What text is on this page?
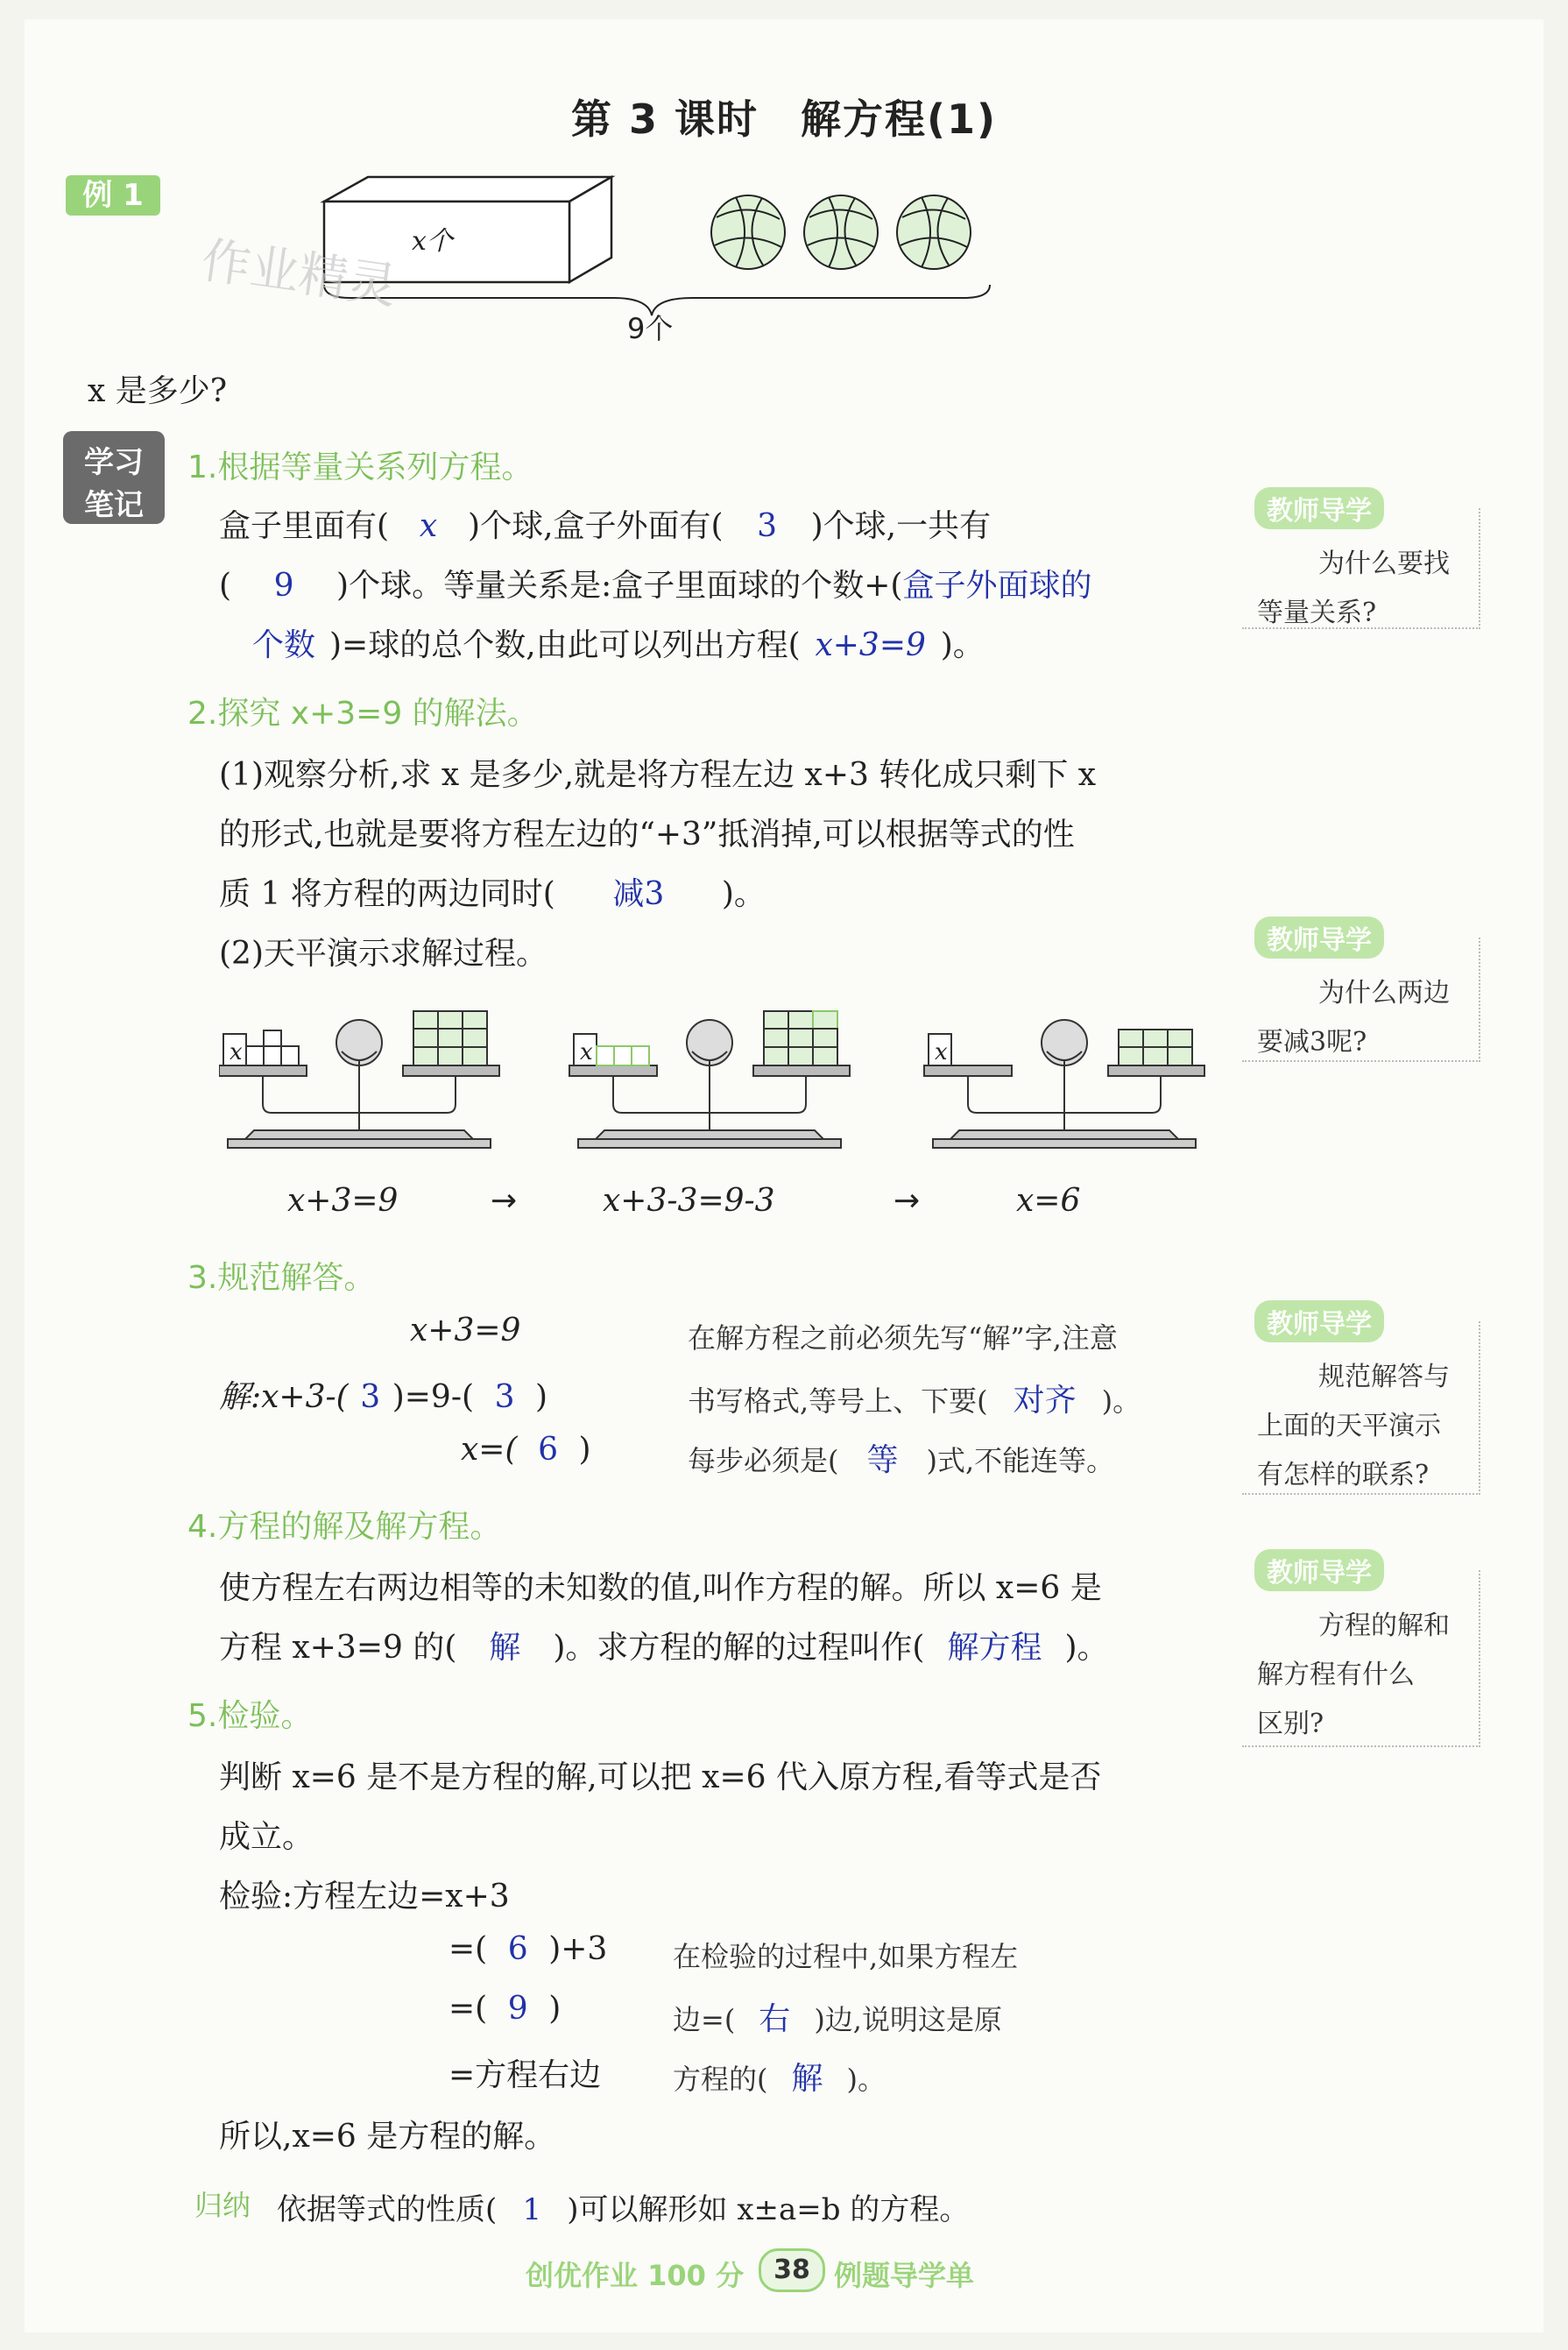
第 3 课时　解方程(1)
例 1
x个
9个
作业精灵
x 是多少?
学习
笔记
1.根据等量关系列方程。
盒子里面有( x )个球,盒子外面有( 3 )个球,一共有
( 9 )个球。等量关系是:盒子里面球的个数+(盒子外面球的
个数 )=球的总个数,由此可以列出方程( x+3=9 )。
2.探究 x+3=9 的解法。
(1)观察分析,求 x 是多少,就是将方程左边 x+3 转化成只剩下 x
的形式,也就是要将方程左边的“+3”抵消掉,可以根据等式的性
质 1 将方程的两边同时( 减3 )。
(2)天平演示求解过程。
x	x	x
x+3=9	→	x+3-3=9-3	→	x=6
3.规范解答。
x+3=9
解:x+3-( 3 )=9-( 3 )
x=( 6 )
在解方程之前必须先写“解”字,注意
书写格式,等号上、下要( 对齐 )。
每步必须是( 等 )式,不能连等。
4.方程的解及解方程。
使方程左右两边相等的未知数的值,叫作方程的解。所以 x=6 是
方程 x+3=9 的( 解 )。求方程的解的过程叫作( 解方程 )。
5.检验。
判断 x=6 是不是方程的解,可以把 x=6 代入原方程,看等式是否
成立。
检验:方程左边=x+3
=( 6 )+3
=( 9 )
=方程右边
在检验的过程中,如果方程左
边=( 右 )边,说明这是原
方程的( 解 )。
所以,x=6 是方程的解。
归纳 依据等式的性质( 1 )可以解形如 x±a=b 的方程。
教师导学
为什么要找
等量关系?
教师导学
为什么两边
要减3呢?
教师导学
规范解答与
上面的天平演示
有怎样的联系?
教师导学
方程的解和
解方程有什么
区别?
创优作业 100 分	38 例题导学单
